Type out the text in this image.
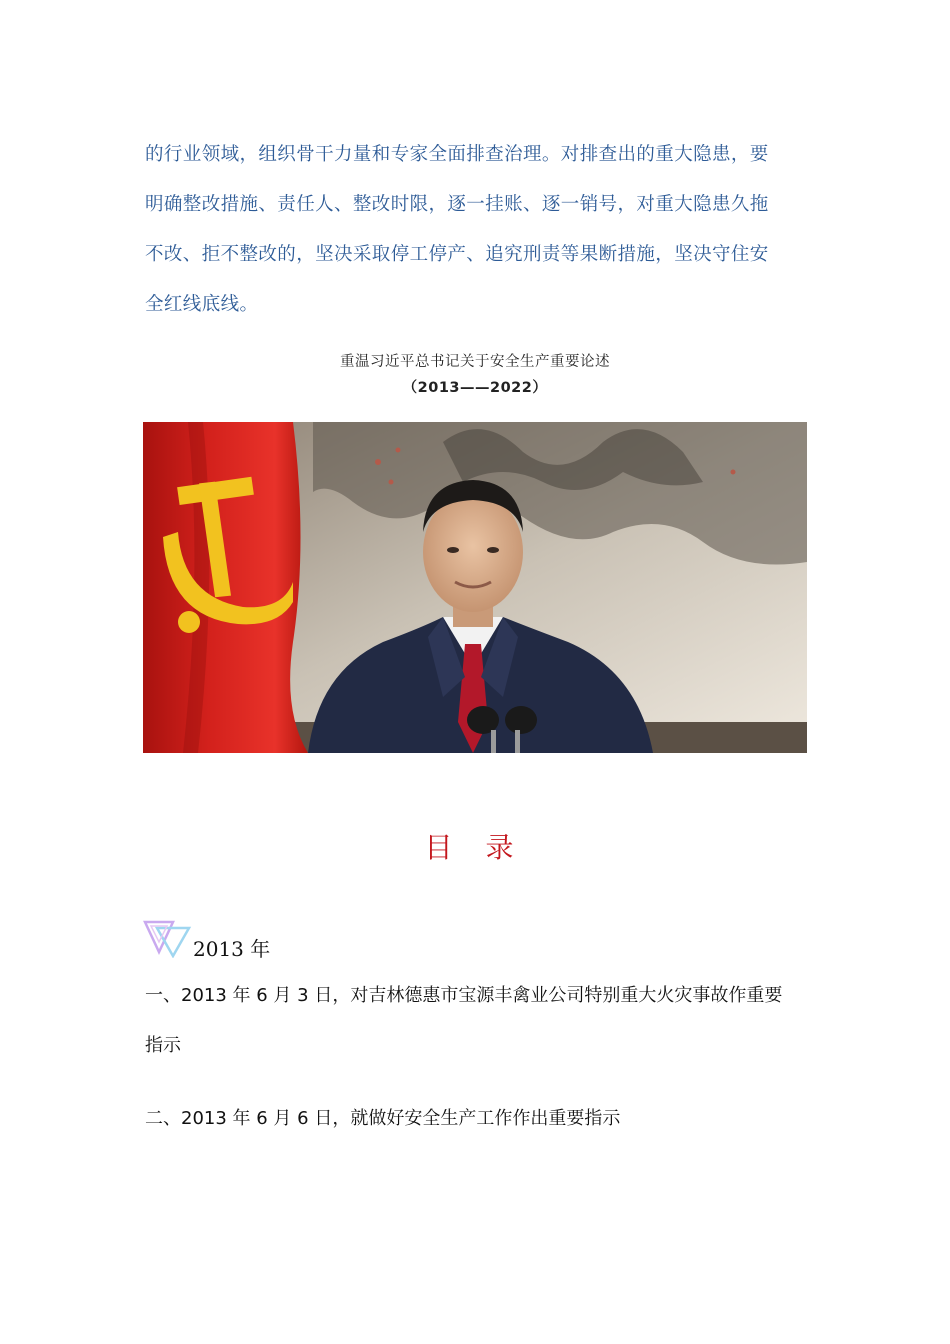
的行业领域，组织骨干力量和专家全面排查治理。对排查出的重大隐患，要

明确整改措施、责任人、整改时限，逐一挂账、逐一销号，对重大隐患久拖

不改、拒不整改的，坚决采取停工停产、追究刑责等果断措施，坚决守住安

全红线底线。

重温习近平总书记关于安全生产重要论述
（2013——2022）
目 录
2013 年

一、2013 年 6 月 3 日，对吉林德惠市宝源丰禽业公司特别重大火灾事故作重要

指示

二、2013 年 6 月 6 日，就做好安全生产工作作出重要指示
